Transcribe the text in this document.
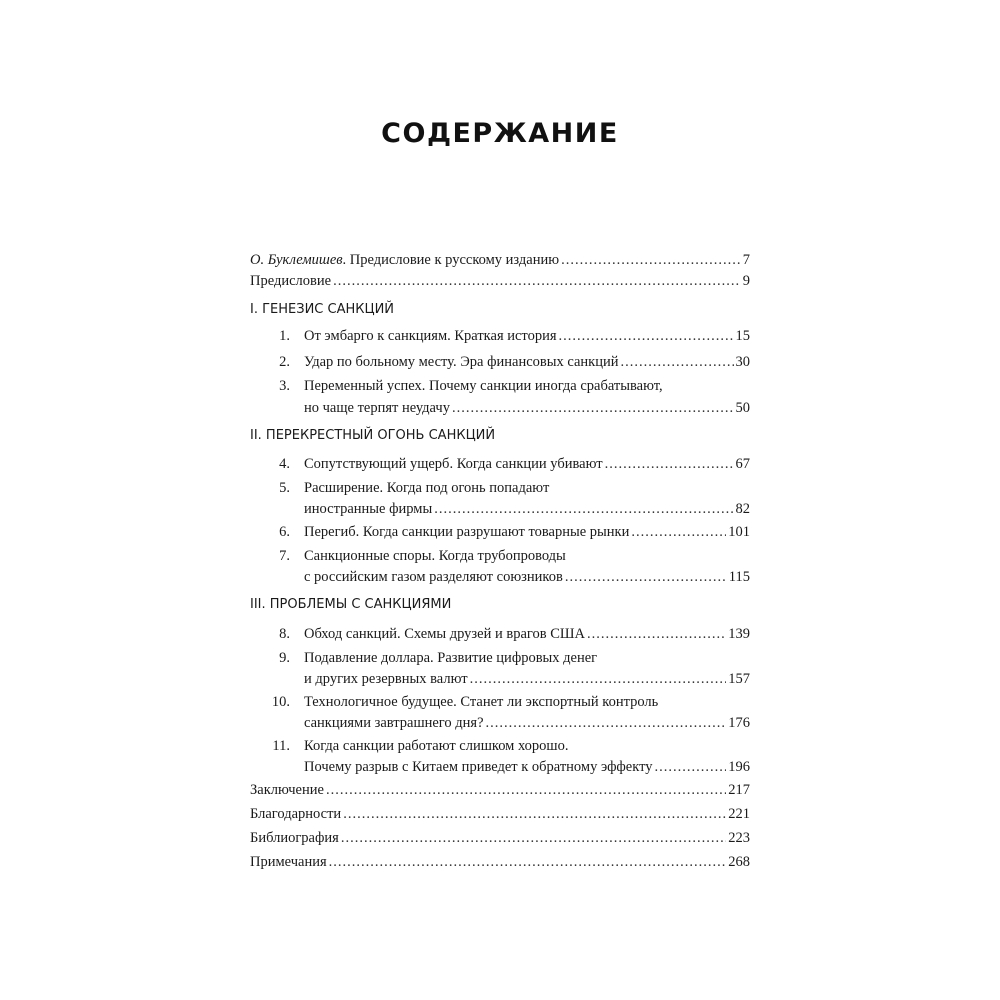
СОДЕРЖАНИЕ
О. Буклемишев. Предисловие к русскому изданию .....	7
Предисловие .....	9
I. ГЕНЕЗИС САНКЦИЙ
1. От эмбарго к санкциям. Краткая история .....	15
2. Удар по больному месту. Эра финансовых санкций .....	30
3. Переменный успех. Почему санкции иногда срабатывают,
но чаще терпят неудачу .....	50
II. ПЕРЕКРЕСТНЫЙ ОГОНЬ САНКЦИЙ
4. Сопутствующий ущерб. Когда санкции убивают .....	67
5. Расширение. Когда под огонь попадают
иностранные фирмы .....	82
6. Перегиб. Когда санкции разрушают товарные рынки .....	101
7. Санкционные споры. Когда трубопроводы
с российским газом разделяют союзников .....	115
III. ПРОБЛЕМЫ С САНКЦИЯМИ
8. Обход санкций. Схемы друзей и врагов США .....	139
9. Подавление доллара. Развитие цифровых денег
и других резервных валют .....	157
10. Технологичное будущее. Станет ли экспортный контроль
санкциями завтрашнего дня? .....	176
11. Когда санкции работают слишком хорошо.
Почему разрыв с Китаем приведет к обратному эффекту .....	196
Заключение .....	217
Благодарности .....	221
Библиография .....	223
Примечания .....	268
